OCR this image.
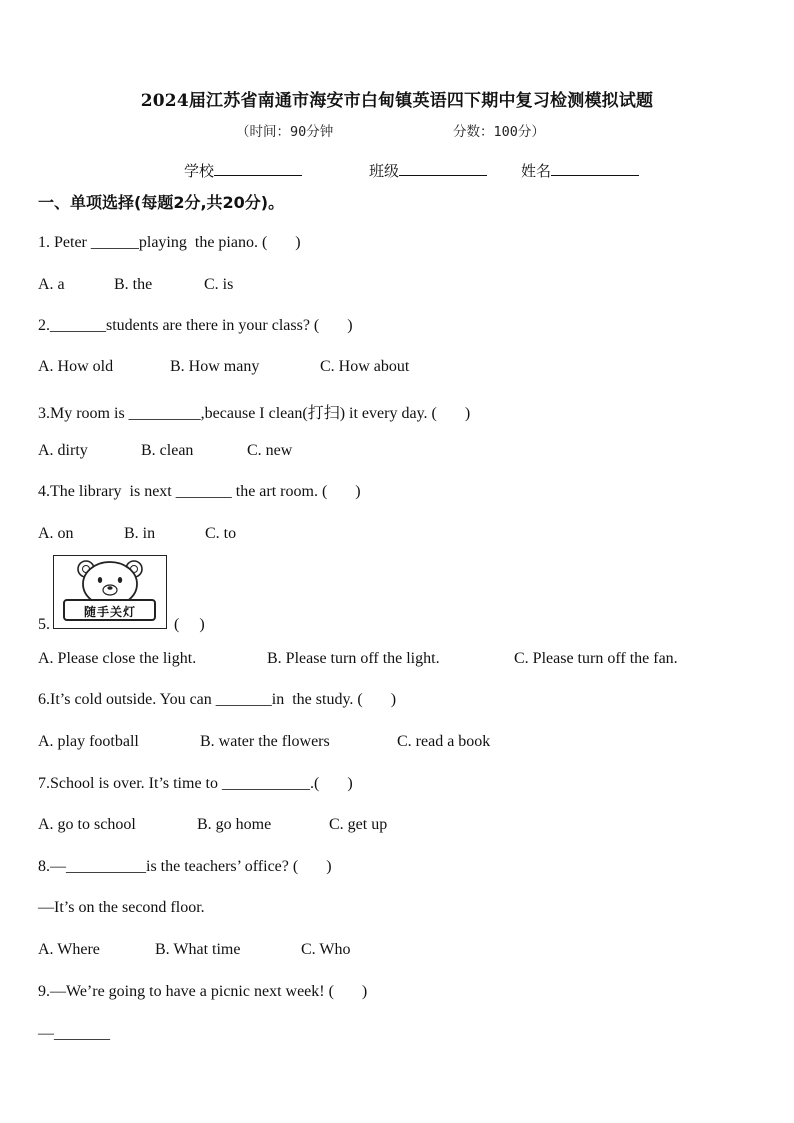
2024届江苏省南通市海安市白甸镇英语四下期中复习检测模拟试题
（时间：90分钟	分数：100分）
学校	班级	姓名
一、单项选择(每题2分,共20分)。
1. Peter ______playing  the piano. (       )
A. a	B. the	C. is
2._______students are there in your class? (       )
A. How old	B. How many	C. How about
3.My room is _________,because I clean(打扫) it every day. (       )
A. dirty	B. clean	C. new
4.The library  is next _______ the art room. (       )
A. on	B. in	C. to
5.
随手关灯
(     )
A. Please close the light.	B. Please turn off the light.	C. Please turn off the fan.
6.It’s cold outside. You can _______in  the study. (       )
A. play football	B. water the flowers	C. read a book
7.School is over. It’s time to ___________.(       )
A. go to school	B. go home	C. get up
8.—__________is the teachers’ office? (       )
—It’s on the second floor.
A. Where	B. What time	C. Who
9.—We’re going to have a picnic next week! (       )
—_______
